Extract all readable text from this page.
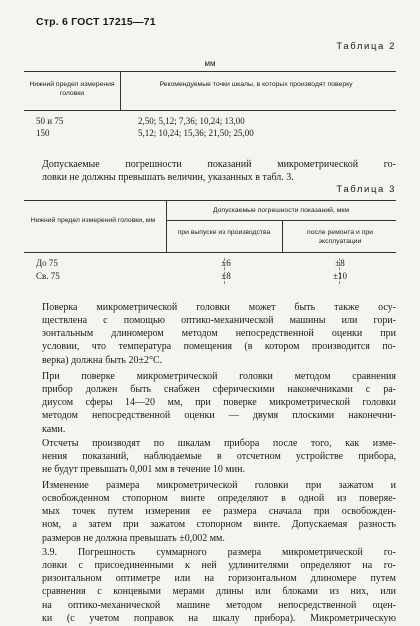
Стр. 6 ГОСТ 17215—71
Таблица 2
мм
Нижний предел измерения головки
Рекомендуемые точки шкалы, в которых производят поверку
50 и 75	2,50; 5,12; 7,36; 10,24; 13,00
150	5,12; 10,24; 15,36; 21,50; 25,00

Допускаемые погрешности показаний микрометрической го-
ловки не должны превышать величин, указанных в табл. 3.

Таблица 3
Нижний предел измерений головки, мм
Допускаемые погрешности показаний, мкм
при выпуске из производства	после ремонта и при эксплуатации
До 75	±6	±8
Св. 75	±8	±10

Поверка микрометрической головки может быть также осу-
ществлена с помощью оптико-механической машины или гори-
зонтальным длиномером методом непосредственной оценки при
условии, что температура помещения (в котором производится по-
верка) должна быть 20±2°С.

При поверке микрометрической головки методом сравнения
прибор должен быть снабжен сферическими наконечниками с ра-
диусом сферы 14—20 мм, при поверке микрометрической головки
методом непосредственной оценки — двумя плоскими наконечни-
ками.

Отсчеты производят по шкалам прибора после того, как изме-
нения показаний, наблюдаемые в отсчетном устройстве прибора,
не будут превышать 0,001 мм в течение 10 мин.

Изменение размера микрометрической головки при зажатом и
освобожденном стопорном винте определяют в одной из поверяе-
мых точек путем измерения ее размера сначала при освобожден-
ном, а затем при зажатом стопорном винте. Допускаемая разность
размеров не должна превышать ±0,002 мм.

3.9. Погрешность суммарного размера микрометрической го-
ловки с присоединенными к ней удлинителями определяют на го-
ризонтальном оптиметре или на горизонтальном длиномере путем
сравнения с концевыми мерами длины или блоками из них, или
на оптико-механической машине методом непосредственной оцен-
ки (с учетом поправок на шкалу прибора). Микрометрическую
